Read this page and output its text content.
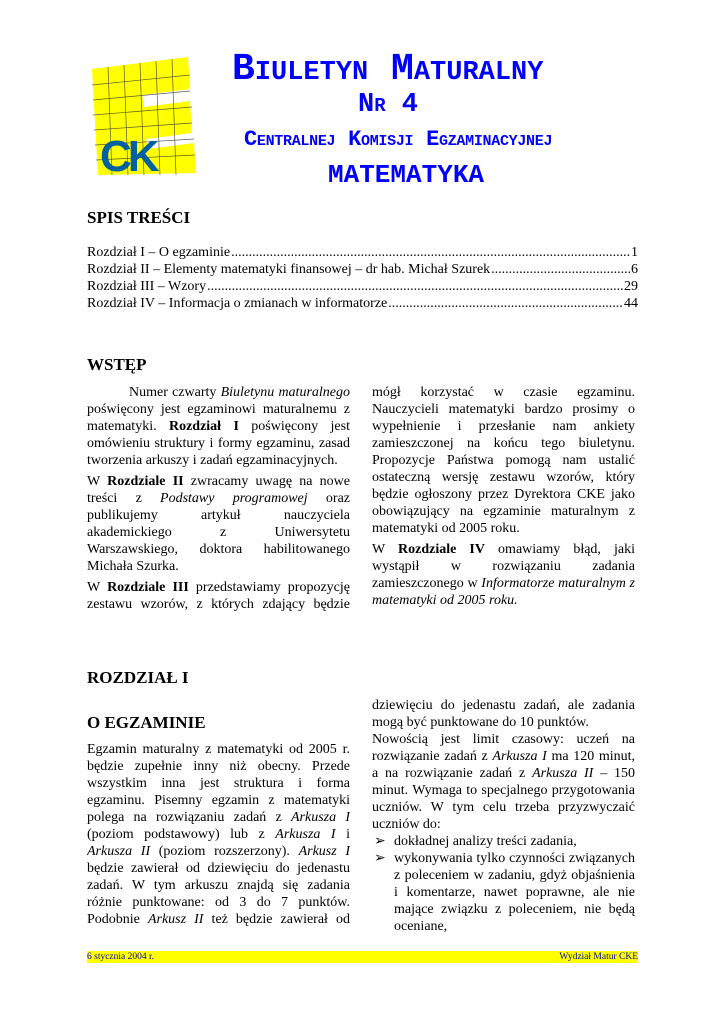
CK
Biuletyn Maturalny
Nr 4
Centralnej Komisji Egzaminacyjnej
MATEMATYKA
SPIS TREŚCI
Rozdział I – O egzaminie .....	1
Rozdział II – Elementy matematyki finansowej – dr hab. Michał Szurek .....	6
Rozdział III – Wzory .....	29
Rozdział IV – Informacja o zmianach w informatorze .....	44
WSTĘP

Numer czwarty Biuletynu maturalnego poświęcony jest egzaminowi maturalnemu z matematyki. Rozdział I poświęcony jest omówieniu struktury i formy egzaminu, zasad tworzenia arkuszy i zadań egzaminacyjnych.

W Rozdziale II zwracamy uwagę na nowe treści z Podstawy programowej oraz publikujemy artykuł nauczyciela akademickiego z Uniwersytetu Warszawskiego, doktora habilitowanego Michała Szurka.

W Rozdziale III przedstawiamy propozycję zestawu wzorów, z których zdający będzie

mógł korzystać w czasie egzaminu. Nauczycieli matematyki bardzo prosimy o wypełnienie i przesłanie nam ankiety zamieszczonej na końcu tego biuletynu. Propozycje Państwa pomogą nam ustalić ostateczną wersję zestawu wzorów, który będzie ogłoszony przez Dyrektora CKE jako obowiązujący na egzaminie maturalnym z matematyki od 2005 roku.

W Rozdziale IV omawiamy błąd, jaki wystąpił w rozwiązaniu zadania zamieszczonego w Informatorze maturalnym z matematyki od 2005 roku.

ROZDZIAŁ I
O EGZAMINIE

Egzamin maturalny z matematyki od 2005 r. będzie zupełnie inny niż obecny. Przede wszystkim inna jest struktura i forma egzaminu. Pisemny egzamin z matematyki polega na rozwiązaniu zadań z Arkusza I (poziom podstawowy) lub z Arkusza I i Arkusza II (poziom rozszerzony). Arkusz I będzie zawierał od dziewięciu do jedenastu zadań. W tym arkuszu znajdą się zadania różnie punktowane: od 3 do 7 punktów. Podobnie Arkusz II też będzie zawierał od

dziewięciu do jedenastu zadań, ale zadania mogą być punktowane do 10 punktów.

Nowością jest limit czasowy: uczeń na rozwiązanie zadań z Arkusza I ma 120 minut, a na rozwiązanie zadań z Arkusza II – 150 minut. Wymaga to specjalnego przygotowania uczniów. W tym celu trzeba przyzwyczaić uczniów do:

➢ dokładnej analizy treści zadania,
➢ wykonywania tylko czynności związanych z poleceniem w zadaniu, gdyż objaśnienia i komentarze, nawet poprawne, ale nie mające związku z poleceniem, nie będą oceniane,
6 stycznia 2004 r.	Wydział Matur CKE
